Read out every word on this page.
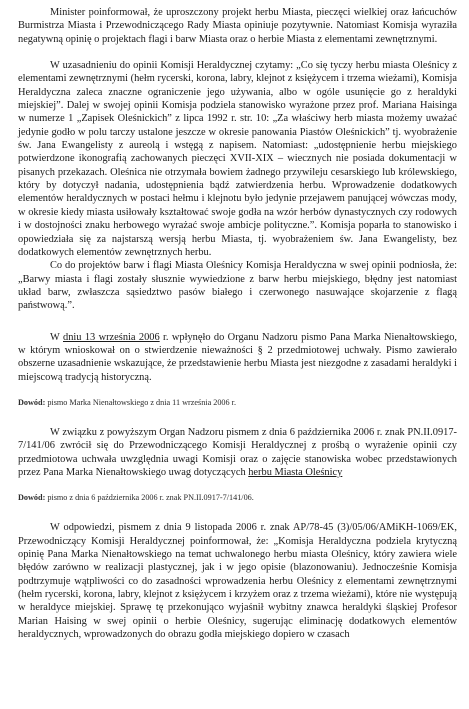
Minister poinformował, że uproszczony projekt herbu Miasta, pieczęci wielkiej oraz łańcuchów Burmistrza Miasta i Przewodniczącego Rady Miasta opiniuje pozytywnie. Natomiast Komisja wyraziła negatywną opinię o projektach flagi i barw Miasta oraz o herbie Miasta z elementami zewnętrznymi.

W uzasadnieniu do opinii Komisji Heraldycznej czytamy: „Co się tyczy herbu miasta Oleśnicy z elementami zewnętrznymi (hełm rycerski, korona, labry, klejnot z księżycem i trzema wieżami), Komisja Heraldyczna zaleca znaczne ograniczenie jego używania, albo w ogóle usunięcie go z heraldyki miejskiej”. Dalej w swojej opinii Komisja podziela stanowisko wyrażone przez prof. Mariana Haisinga w numerze 1 „Zapisek Oleśnickich” z lipca 1992 r. str. 10: „Za właściwy herb miasta możemy uważać jedynie godło w polu tarczy ustalone jeszcze w okresie panowania Piastów Oleśnickich” tj. wyobrażenie św. Jana Ewangelisty z aureolą i wstęgą z napisem. Natomiast: „udostępnienie herbu miejskiego potwierdzone ikonografią zachowanych pieczęci XVII-XIX – wiecznych nie posiada dokumentacji w pisanych przekazach. Oleśnica nie otrzymała bowiem żadnego przywileju cesarskiego lub królewskiego, który by dotyczył nadania, udostępnienia bądź zatwierdzenia herbu. Wprowadzenie dodatkowych elementów heraldycznych w postaci hełmu i klejnotu było jedynie przejawem panującej wówczas mody, w okresie kiedy miasta usiłowały kształtować swoje godła na wzór herbów dynastycznych czy rodowych i w dostojności znaku herbowego wyrażać swoje ambicje polityczne.”. Komisja poparła to stanowisko i opowiedziała się za najstarszą wersją herbu Miasta, tj. wyobrażeniem św. Jana Ewangelisty, bez dodatkowych elementów zewnętrznych herbu.

Co do projektów barw i flagi Miasta Oleśnicy Komisja Heraldyczna w swej opinii podniosła, że: „Barwy miasta i flagi zostały słusznie wywiedzione z barw herbu miejskiego, błędny jest natomiast układ barw, zwłaszcza sąsiedztwo pasów białego i czerwonego nasuwające skojarzenie z flagą państwową.”.

W dniu 13 września 2006 r. wpłynęło do Organu Nadzoru pismo Pana Marka Nienałtowskiego, w którym wnioskował on o stwierdzenie nieważności § 2 przedmiotowej uchwały. Pismo zawierało obszerne uzasadnienie wskazujące, że przedstawienie herbu Miasta jest niezgodne z zasadami heraldyki i miejscową tradycją historyczną.

Dowód: pismo Marka Nienałtowskiego z dnia 11 września 2006 r.

W związku z powyższym Organ Nadzoru pismem z dnia 6 października 2006 r. znak PN.II.0917-7/141/06 zwrócił się do Przewodniczącego Komisji Heraldycznej z prośbą o wyrażenie opinii czy przedmiotowa uchwała uwzględnia uwagi Komisji oraz o zajęcie stanowiska wobec przedstawionych przez Pana Marka Nienałtowskiego uwag dotyczących herbu Miasta Oleśnicy

Dowód: pismo z dnia 6 października 2006 r. znak PN.II.0917-7/141/06.

W odpowiedzi, pismem z dnia 9 listopada 2006 r. znak AP/78-45 (3)/05/06/AMiKH-1069/EK, Przewodniczący Komisji Heraldycznej poinformował, że: „Komisja Heraldyczna podziela krytyczną opinię Pana Marka Nienałtowskiego na temat uchwalonego herbu miasta Oleśnicy, który zawiera wiele błędów zarówno w realizacji plastycznej, jak i w jego opisie (blazonowaniu). Jednocześnie Komisja podtrzymuje wątpliwości co do zasadności wprowadzenia herbu Oleśnicy z elementami zewnętrznymi (hełm rycerski, korona, labry, klejnot z księżycem i krzyżem oraz z trzema wieżami), które nie występują w heraldyce miejskiej. Sprawę tę przekonująco wyjaśnił wybitny znawca heraldyki śląskiej Profesor Marian Haising w swej opinii o herbie Oleśnicy, sugerując eliminację dodatkowych elementów heraldycznych, wprowadzonych do obrazu godła miejskiego dopiero w czasach
